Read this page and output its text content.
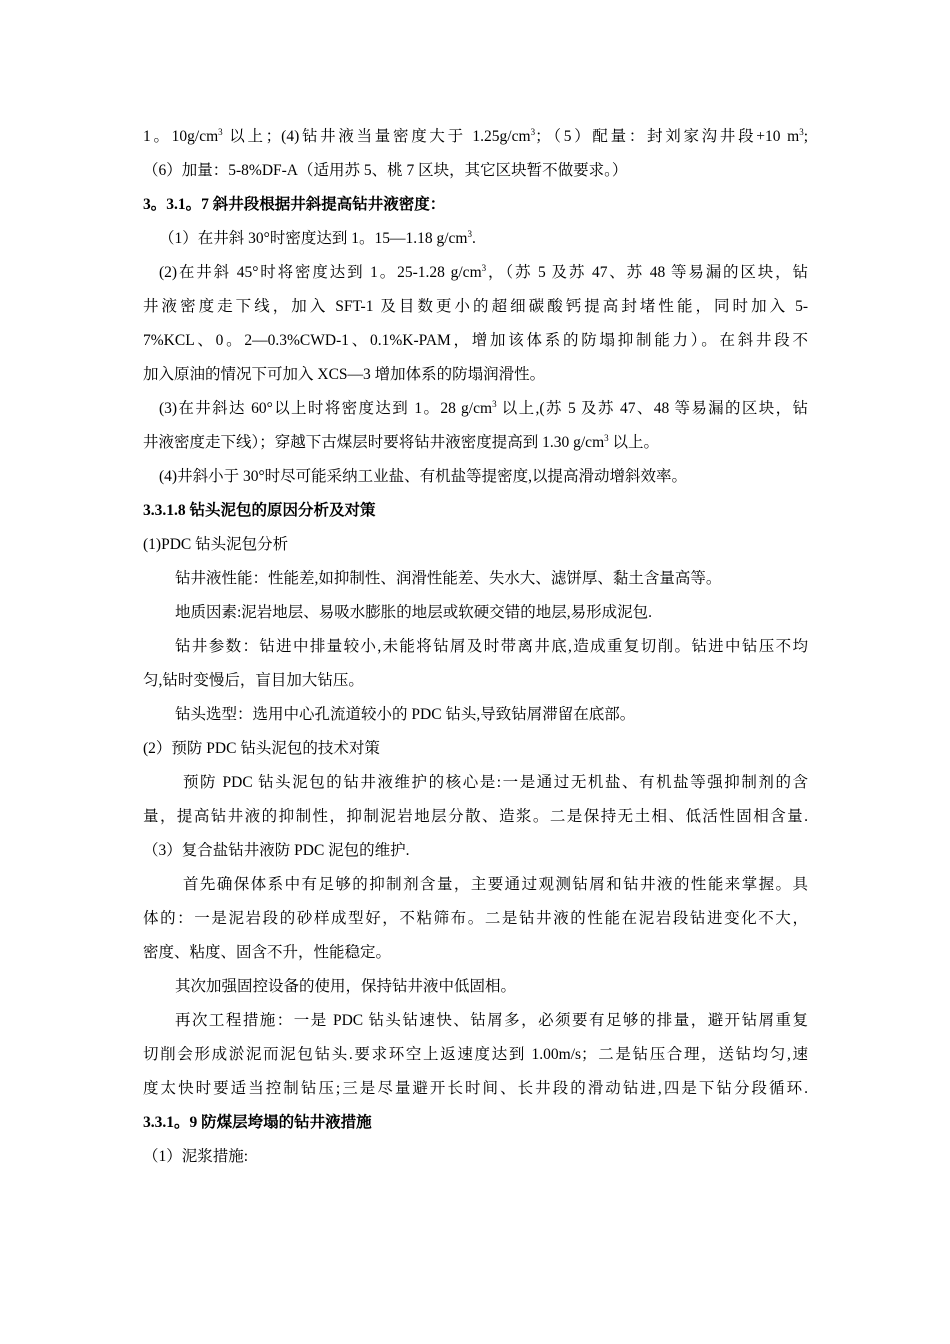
1。$10g/cm^3$ 以上；(4)钻井液当量密度大于 $1.25g/cm^3$；（5）配量：封刘家沟井段+10 $m^3$;
（6）加量：5-8%DF-A（适用苏 5、桃 7 区块，其它区块暂不做要求。）
3。3.1。7 斜井段根据井斜提高钻井液密度：
（1）在井斜 30°时密度达到 1。15—1.18 $g/cm^3$.
(2)在井斜 45°时将密度达到 1。25-1.28 $g/cm^3$，（苏 5 及苏 47、苏 48 等易漏的区块，钻
井液密度走下线，加入 SFT-1 及目数更小的超细碳酸钙提高封堵性能，同时加入 5-
7%KCL、0。2—0.3%CWD-1、0.1%K-PAM，增加该体系的防塌抑制能力）。在斜井段不
加入原油的情况下可加入 XCS—3 增加体系的防塌润滑性。
(3)在井斜达 60°以上时将密度达到 1。28 $g/cm^3$ 以上,(苏 5 及苏 47、48 等易漏的区块，钻
井液密度走下线）；穿越下古煤层时要将钻井液密度提高到 1.30 $g/cm^3$ 以上。
(4)井斜小于 30°时尽可能采纳工业盐、有机盐等提密度,以提高滑动增斜效率。
3.3.1.8 钻头泥包的原因分析及对策
(1)PDC 钻头泥包分析
钻井液性能：性能差,如抑制性、润滑性能差、失水大、滤饼厚、黏土含量高等。
地质因素:泥岩地层、易吸水膨胀的地层或软硬交错的地层,易形成泥包.
钻井参数：钻进中排量较小,未能将钻屑及时带离井底,造成重复切削。钻进中钻压不均
匀,钻时变慢后，盲目加大钻压。
钻头选型：选用中心孔流道较小的 PDC 钻头,导致钻屑滞留在底部。
(2）预防 PDC 钻头泥包的技术对策
预防 PDC 钻头泥包的钻井液维护的核心是:一是通过无机盐、有机盐等强抑制剂的含
量，提高钻井液的抑制性，抑制泥岩地层分散、造浆。二是保持无土相、低活性固相含量.
（3）复合盐钻井液防 PDC 泥包的维护.
首先确保体系中有足够的抑制剂含量，主要通过观测钻屑和钻井液的性能来掌握。具
体的：一是泥岩段的砂样成型好，不粘筛布。二是钻井液的性能在泥岩段钻进变化不大，
密度、粘度、固含不升，性能稳定。
其次加强固控设备的使用，保持钻井液中低固相。
再次工程措施：一是 PDC 钻头钻速快、钻屑多，必须要有足够的排量，避开钻屑重复
切削会形成淤泥而泥包钻头.要求环空上返速度达到 1.00m/s；二是钻压合理，送钻均匀,速
度太快时要适当控制钻压;三是尽量避开长时间、长井段的滑动钻进,四是下钻分段循环.
3.3.1。9 防煤层垮塌的钻井液措施
（1）泥浆措施:
